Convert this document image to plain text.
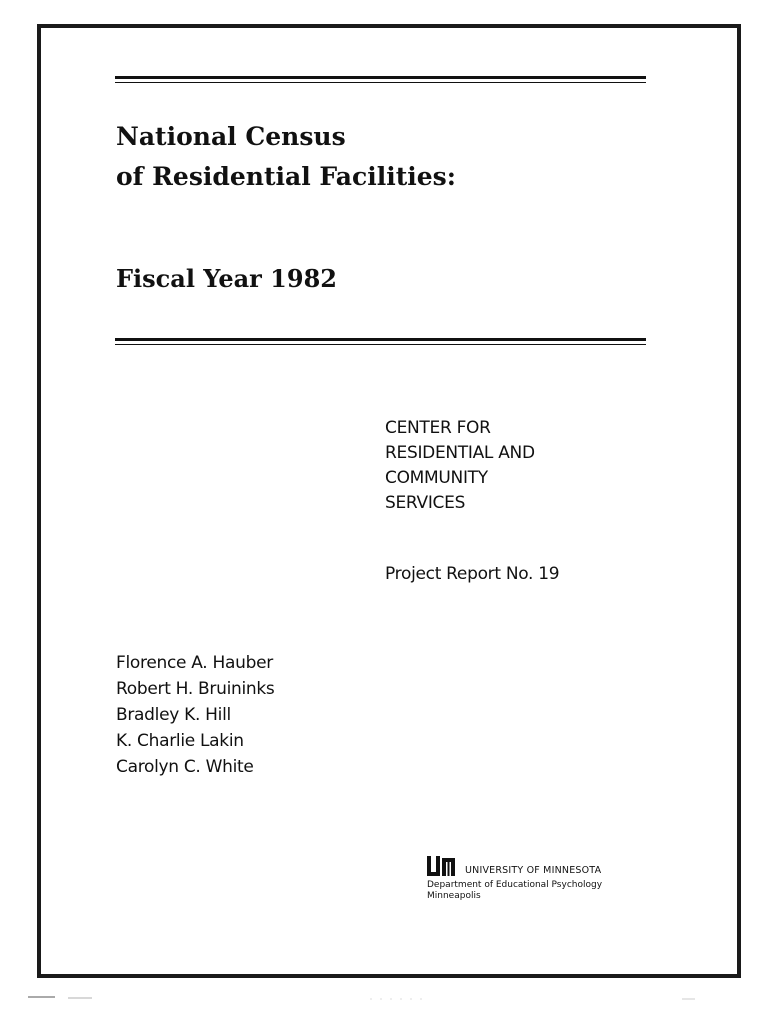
National Census
of Residential Facilities:
Fiscal Year 1982
CENTER FOR
RESIDENTIAL AND
COMMUNITY
SERVICES
Project Report No. 19
Florence A. Hauber
Robert H. Bruininks
Bradley K. Hill
K. Charlie Lakin
Carolyn C. White
UNIVERSITY OF MINNESOTA
Department of Educational Psychology
Minneapolis
